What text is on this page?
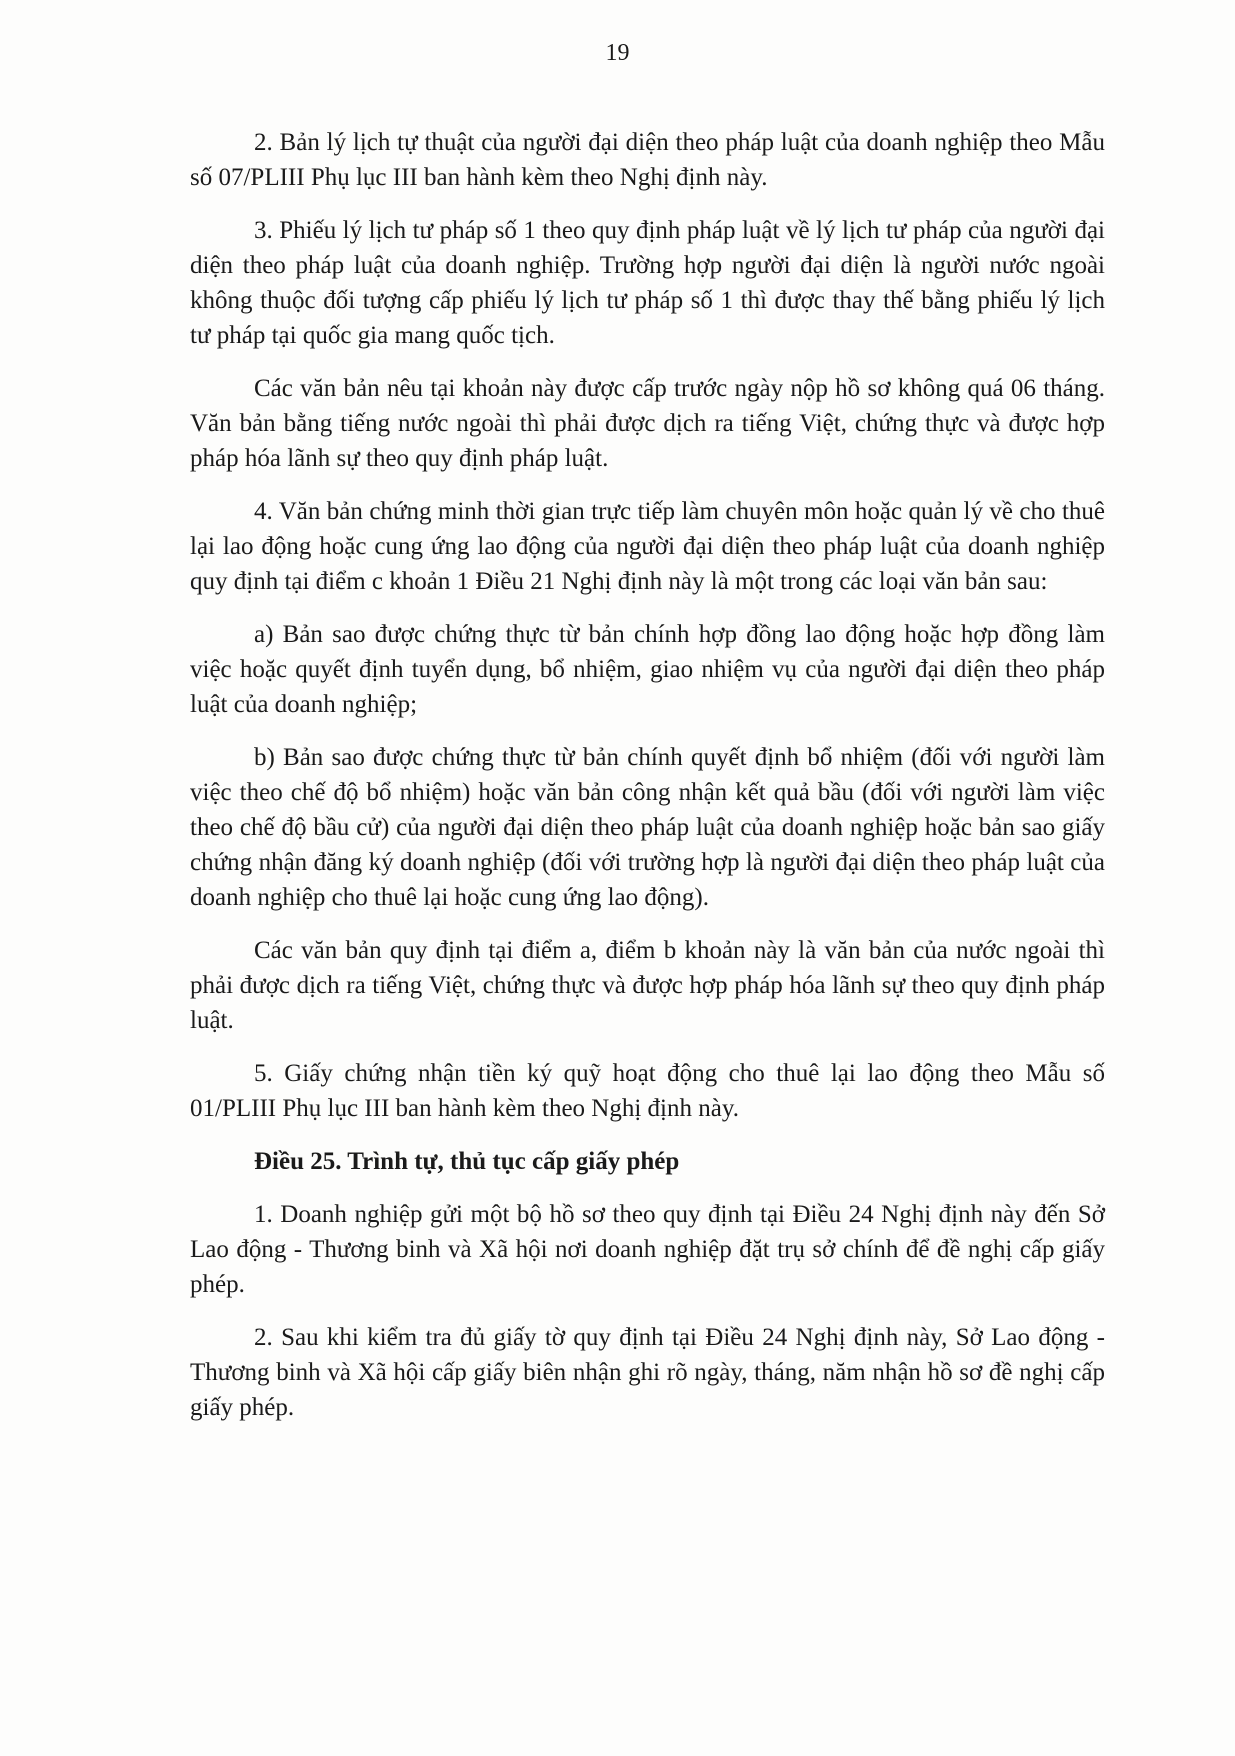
19

2. Bản lý lịch tự thuật của người đại diện theo pháp luật của doanh nghiệp theo Mẫu số 07/PLIII Phụ lục III ban hành kèm theo Nghị định này.

3. Phiếu lý lịch tư pháp số 1 theo quy định pháp luật về lý lịch tư pháp của người đại diện theo pháp luật của doanh nghiệp. Trường hợp người đại diện là người nước ngoài không thuộc đối tượng cấp phiếu lý lịch tư pháp số 1 thì được thay thế bằng phiếu lý lịch tư pháp tại quốc gia mang quốc tịch.

Các văn bản nêu tại khoản này được cấp trước ngày nộp hồ sơ không quá 06 tháng. Văn bản bằng tiếng nước ngoài thì phải được dịch ra tiếng Việt, chứng thực và được hợp pháp hóa lãnh sự theo quy định pháp luật.

4. Văn bản chứng minh thời gian trực tiếp làm chuyên môn hoặc quản lý về cho thuê lại lao động hoặc cung ứng lao động của người đại diện theo pháp luật của doanh nghiệp quy định tại điểm c khoản 1 Điều 21 Nghị định này là một trong các loại văn bản sau:

a) Bản sao được chứng thực từ bản chính hợp đồng lao động hoặc hợp đồng làm việc hoặc quyết định tuyển dụng, bổ nhiệm, giao nhiệm vụ của người đại diện theo pháp luật của doanh nghiệp;

b) Bản sao được chứng thực từ bản chính quyết định bổ nhiệm (đối với người làm việc theo chế độ bổ nhiệm) hoặc văn bản công nhận kết quả bầu (đối với người làm việc theo chế độ bầu cử) của người đại diện theo pháp luật của doanh nghiệp hoặc bản sao giấy chứng nhận đăng ký doanh nghiệp (đối với trường hợp là người đại diện theo pháp luật của doanh nghiệp cho thuê lại hoặc cung ứng lao động).

Các văn bản quy định tại điểm a, điểm b khoản này là văn bản của nước ngoài thì phải được dịch ra tiếng Việt, chứng thực và được hợp pháp hóa lãnh sự theo quy định pháp luật.

5. Giấy chứng nhận tiền ký quỹ hoạt động cho thuê lại lao động theo Mẫu số 01/PLIII Phụ lục III ban hành kèm theo Nghị định này.

Điều 25. Trình tự, thủ tục cấp giấy phép

1. Doanh nghiệp gửi một bộ hồ sơ theo quy định tại Điều 24 Nghị định này đến Sở Lao động - Thương binh và Xã hội nơi doanh nghiệp đặt trụ sở chính để đề nghị cấp giấy phép.

2. Sau khi kiểm tra đủ giấy tờ quy định tại Điều 24 Nghị định này, Sở Lao động - Thương binh và Xã hội cấp giấy biên nhận ghi rõ ngày, tháng, năm nhận hồ sơ đề nghị cấp giấy phép.
